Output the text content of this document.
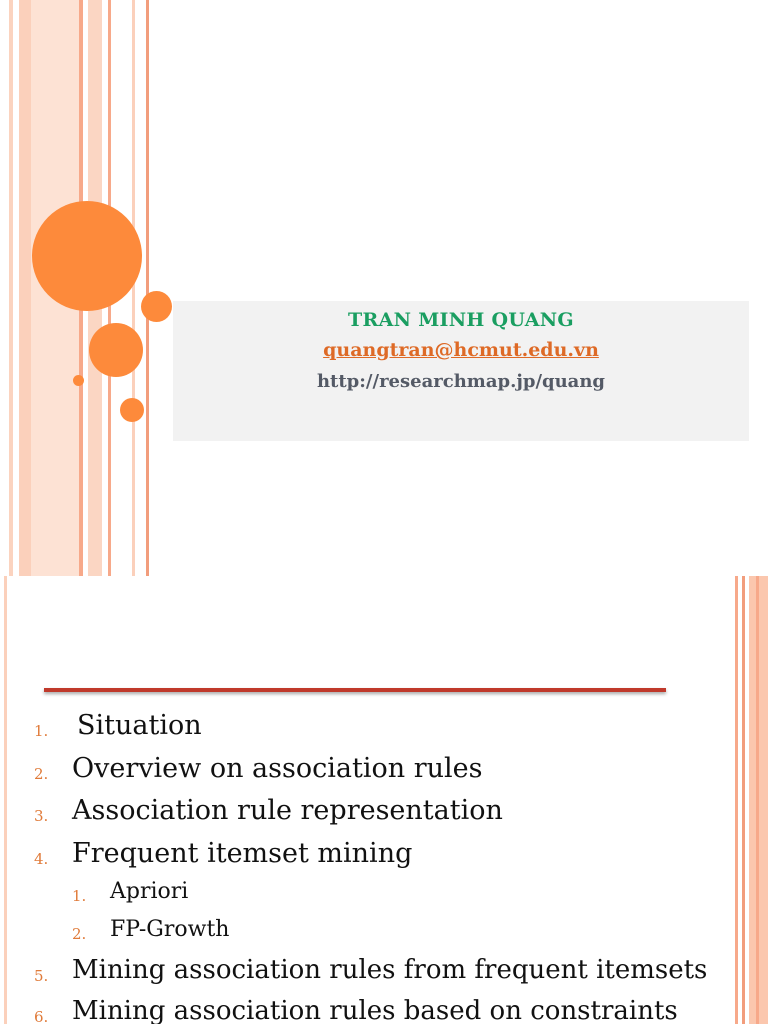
TRAN MINH QUANG
quangtran@hcmut.edu.vn
http://researchmap.jp/quang
1. Situation
2. Overview on association rules
3. Association rule representation
4. Frequent itemset mining
1. Apriori
2. FP-Growth
5. Mining association rules from frequent itemsets
6. Mining association rules based on constraints
